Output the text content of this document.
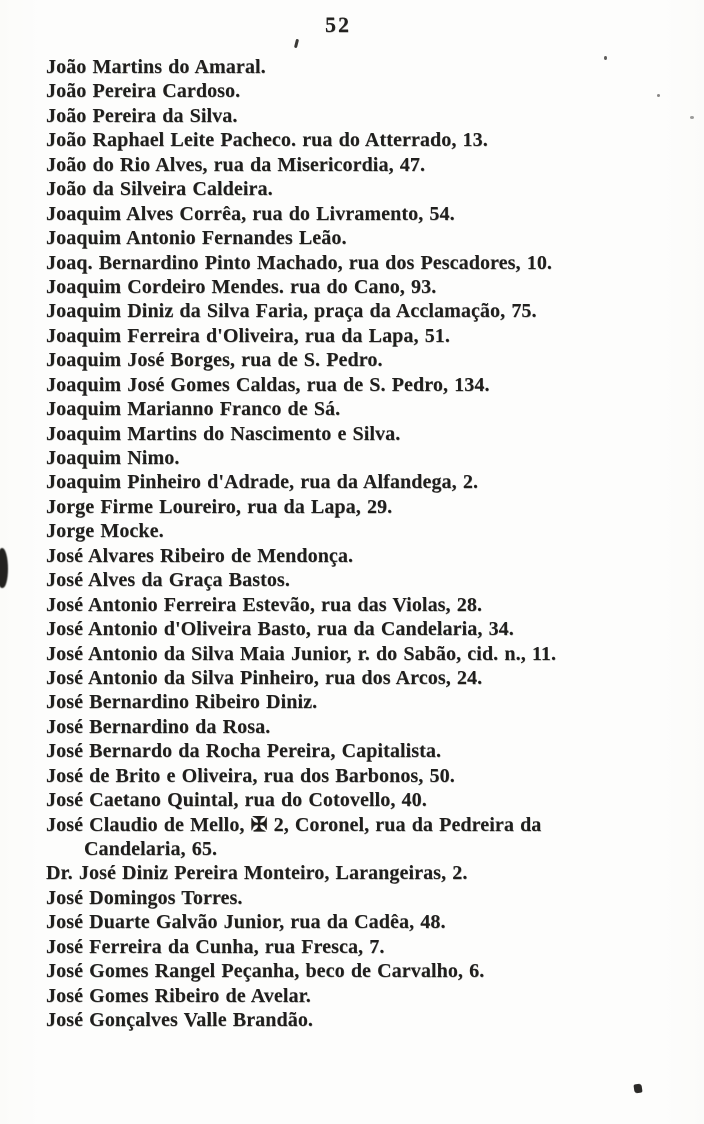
52
João Martins do Amaral.
João Pereira Cardoso.
João Pereira da Silva.
João Raphael Leite Pacheco. rua do Atterrado, 13.
João do Rio Alves, rua da Misericordia, 47.
João da Silveira Caldeira.
Joaquim Alves Corrêa, rua do Livramento, 54.
Joaquim Antonio Fernandes Leão.
Joaq. Bernardino Pinto Machado, rua dos Pescadores, 10.
Joaquim Cordeiro Mendes. rua do Cano, 93.
Joaquim Diniz da Silva Faria, praça da Acclamação, 75.
Joaquim Ferreira d'Oliveira, rua da Lapa, 51.
Joaquim José Borges, rua de S. Pedro.
Joaquim José Gomes Caldas, rua de S. Pedro, 134.
Joaquim Marianno Franco de Sá.
Joaquim Martins do Nascimento e Silva.
Joaquim Nimo.
Joaquim Pinheiro d'Adrade, rua da Alfandega, 2.
Jorge Firme Loureiro, rua da Lapa, 29.
Jorge Mocke.
José Alvares Ribeiro de Mendonça.
José Alves da Graça Bastos.
José Antonio Ferreira Estevão, rua das Violas, 28.
José Antonio d'Oliveira Basto, rua da Candelaria, 34.
José Antonio da Silva Maia Junior, r. do Sabão, cid. n., 11.
José Antonio da Silva Pinheiro, rua dos Arcos, 24.
José Bernardino Ribeiro Diniz.
José Bernardino da Rosa.
José Bernardo da Rocha Pereira, Capitalista.
José de Brito e Oliveira, rua dos Barbonos, 50.
José Caetano Quintal, rua do Cotovello, 40.
José Claudio de Mello, ✠ 2, Coronel, rua da Pedreira da
Candelaria, 65.
Dr. José Diniz Pereira Monteiro, Larangeiras, 2.
José Domingos Torres.
José Duarte Galvão Junior, rua da Cadêa, 48.
José Ferreira da Cunha, rua Fresca, 7.
José Gomes Rangel Peçanha, beco de Carvalho, 6.
José Gomes Ribeiro de Avelar.
José Gonçalves Valle Brandão.
